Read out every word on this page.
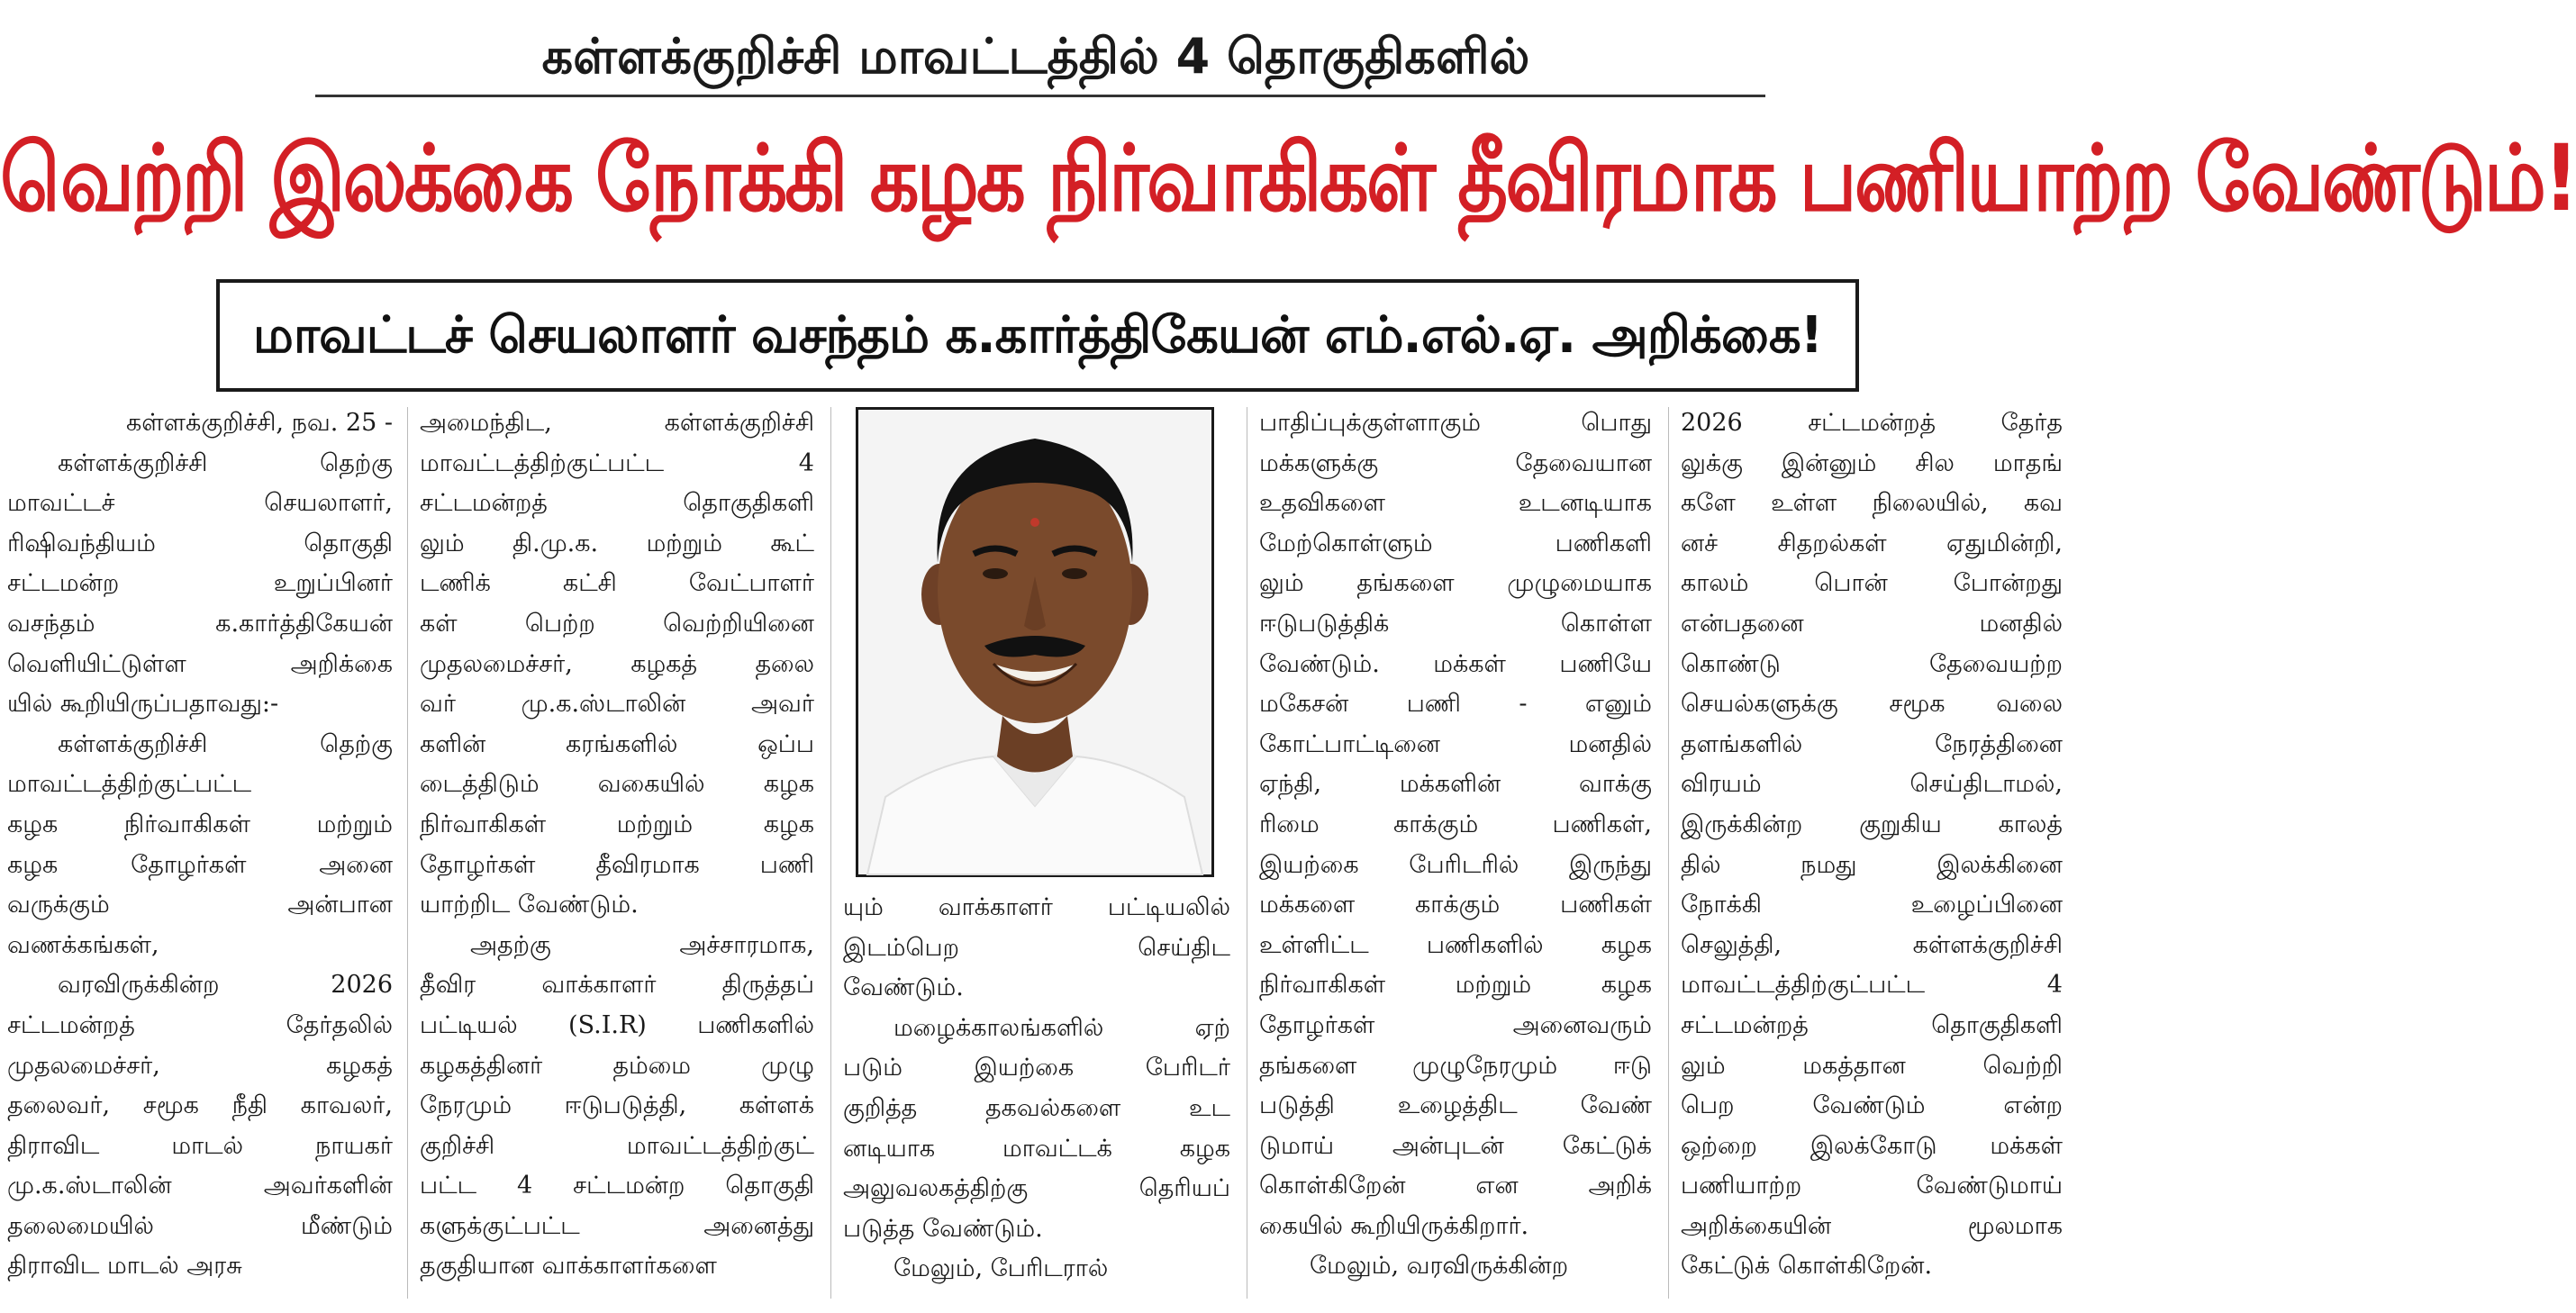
கள்ளக்குறிச்சி மாவட்டத்தில் 4 தொகுதிகளில்
வெற்றி இலக்கை நோக்கி கழக நிர்வாகிகள் தீவிரமாக பணியாற்ற வேண்டும்!
மாவட்டச் செயலாளர் வசந்தம் க.கார்த்திகேயன் எம்.எல்.ஏ. அறிக்கை!
கள்ளக்குறிச்சி, நவ. 25 -
கள்ளக்குறிச்சி தெற்கு
மாவட்டச் செயலாளர்,
ரிஷிவந்தியம் தொகுதி
சட்டமன்ற உறுப்பினர்
வசந்தம் க.கார்த்திகேயன்
வெளியிட்டுள்ள அறிக்கை
யில் கூறியிருப்பதாவது:-
கள்ளக்குறிச்சி தெற்கு
மாவட்டத்திற்குட்பட்ட
கழக நிர்வாகிகள் மற்றும்
கழக தோழர்கள் அனை
வருக்கும் அன்பான
வணக்கங்கள்,
வரவிருக்கின்ற 2026
சட்டமன்றத் தேர்தலில்
முதலமைச்சர், கழகத்
தலைவர், சமூக நீதி காவலர்,
திராவிட மாடல் நாயகர்
மு.க.ஸ்டாலின் அவர்களின்
தலைமையில் மீண்டும்
திராவிட மாடல் அரசு
அமைந்திட, கள்ளக்குறிச்சி
மாவட்டத்திற்குட்பட்ட 4
சட்டமன்றத் தொகுதிகளி
லும் தி.மு.க. மற்றும் கூட்
டணிக் கட்சி வேட்பாளர்
கள் பெற்ற வெற்றியினை
முதலமைச்சர், கழகத் தலை
வர் மு.க.ஸ்டாலின் அவர்
களின் கரங்களில் ஒப்ப
டைத்திடும் வகையில் கழக
நிர்வாகிகள் மற்றும் கழக
தோழர்கள் தீவிரமாக பணி
யாற்றிட வேண்டும்.
அதற்கு அச்சாரமாக,
தீவிர வாக்காளர் திருத்தப்
பட்டியல் (S.I.R) பணிகளில்
கழகத்தினர் தம்மை முழு
நேரமும் ஈடுபடுத்தி, கள்ளக்
குறிச்சி மாவட்டத்திற்குட்
பட்ட 4 சட்டமன்ற தொகுதி
களுக்குட்பட்ட அனைத்து
தகுதியான வாக்காளர்களை
யும் வாக்காளர் பட்டியலில்
இடம்பெற செய்திட
வேண்டும்.
மழைக்காலங்களில் ஏற்
படும் இயற்கை பேரிடர்
குறித்த தகவல்களை உட
னடியாக மாவட்டக் கழக
அலுவலகத்திற்கு தெரியப்
படுத்த வேண்டும்.
மேலும், பேரிடரால்
பாதிப்புக்குள்ளாகும் பொது
மக்களுக்கு தேவையான
உதவிகளை உடனடியாக
மேற்கொள்ளும் பணிகளி
லும் தங்களை முழுமையாக
ஈடுபடுத்திக் கொள்ள
வேண்டும். மக்கள் பணியே
மகேசன் பணி - எனும்
கோட்பாட்டினை மனதில்
ஏந்தி, மக்களின் வாக்கு
ரிமை காக்கும் பணிகள்,
இயற்கை பேரிடரில் இருந்து
மக்களை காக்கும் பணிகள்
உள்ளிட்ட பணிகளில் கழக
நிர்வாகிகள் மற்றும் கழக
தோழர்கள் அனைவரும்
தங்களை முழுநேரமும் ஈடு
படுத்தி உழைத்திட வேண்
டுமாய் அன்புடன் கேட்டுக்
கொள்கிறேன் என அறிக்
கையில் கூறியிருக்கிறார்.
மேலும், வரவிருக்கின்ற
2026 சட்டமன்றத் தேர்த
லுக்கு இன்னும் சில மாதங்
களே உள்ள நிலையில், கவ
னச் சிதறல்கள் ஏதுமின்றி,
காலம் பொன் போன்றது
என்பதனை மனதில்
கொண்டு தேவையற்ற
செயல்களுக்கு சமூக வலை
தளங்களில் நேரத்தினை
விரயம் செய்திடாமல்,
இருக்கின்ற குறுகிய காலத்
தில் நமது இலக்கினை
நோக்கி உழைப்பினை
செலுத்தி, கள்ளக்குறிச்சி
மாவட்டத்திற்குட்பட்ட 4
சட்டமன்றத் தொகுதிகளி
லும் மகத்தான வெற்றி
பெற வேண்டும் என்ற
ஒற்றை இலக்கோடு மக்கள்
பணியாற்ற வேண்டுமாய்
அறிக்கையின் மூலமாக
கேட்டுக் கொள்கிறேன்.
